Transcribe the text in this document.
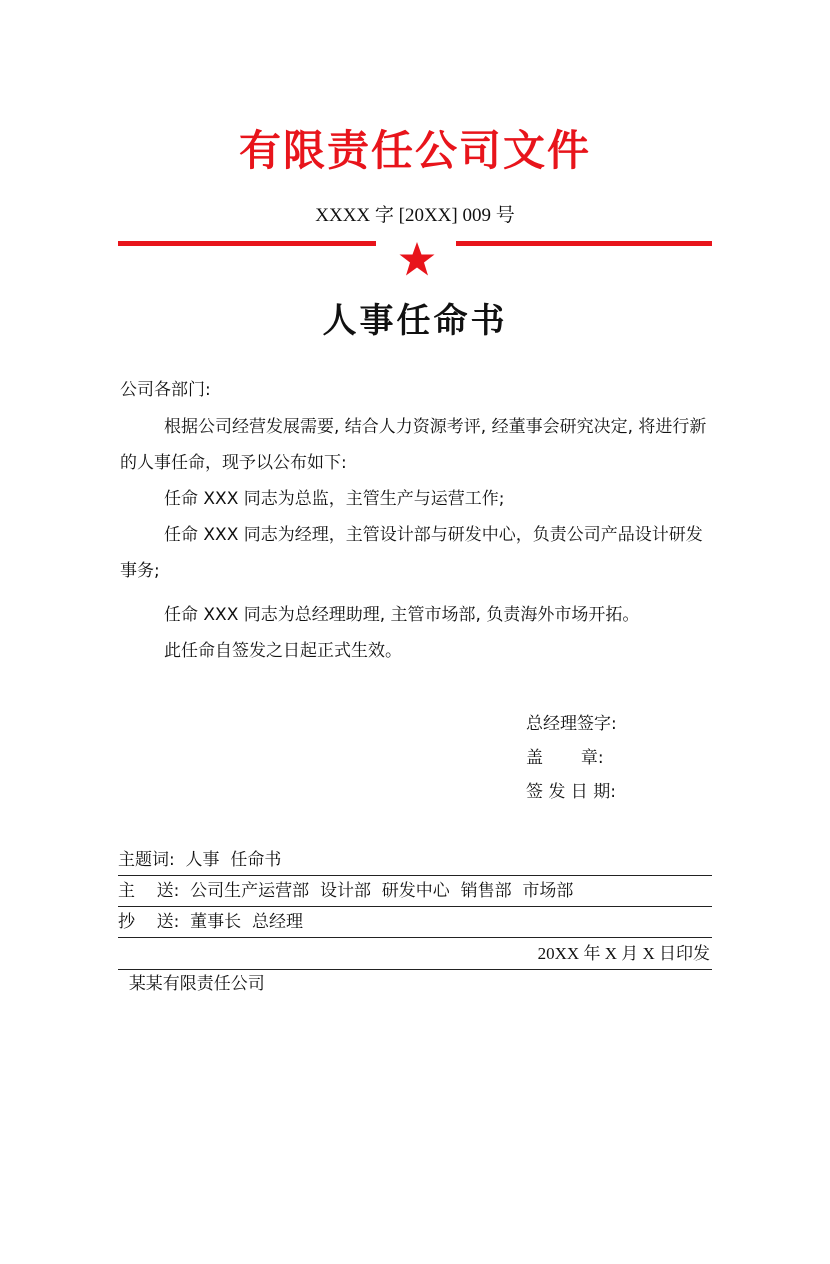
有限责任公司文件
XXXX 字 [20XX] 009 号
人事任命书
公司各部门:
根据公司经营发展需要, 结合人力资源考评, 经董事会研究决定, 将进行新的人事任命，现予以公布如下:
任命 XXX 同志为总监，主管生产与运营工作;
任命 XXX 同志为经理，主管设计部与研发中心，负责公司产品设计研发事务;
任命 XXX 同志为总经理助理, 主管市场部, 负责海外市场开拓。
此任命自签发之日起正式生效。
总经理签字:
盖       章:
签 发 日 期:
主题词:  人事  任命书
主    送:  公司生产运营部  设计部  研发中心  销售部  市场部
抄    送:  董事长  总经理

某某有限责任公司

20XX 年 X 月 X 日印发
